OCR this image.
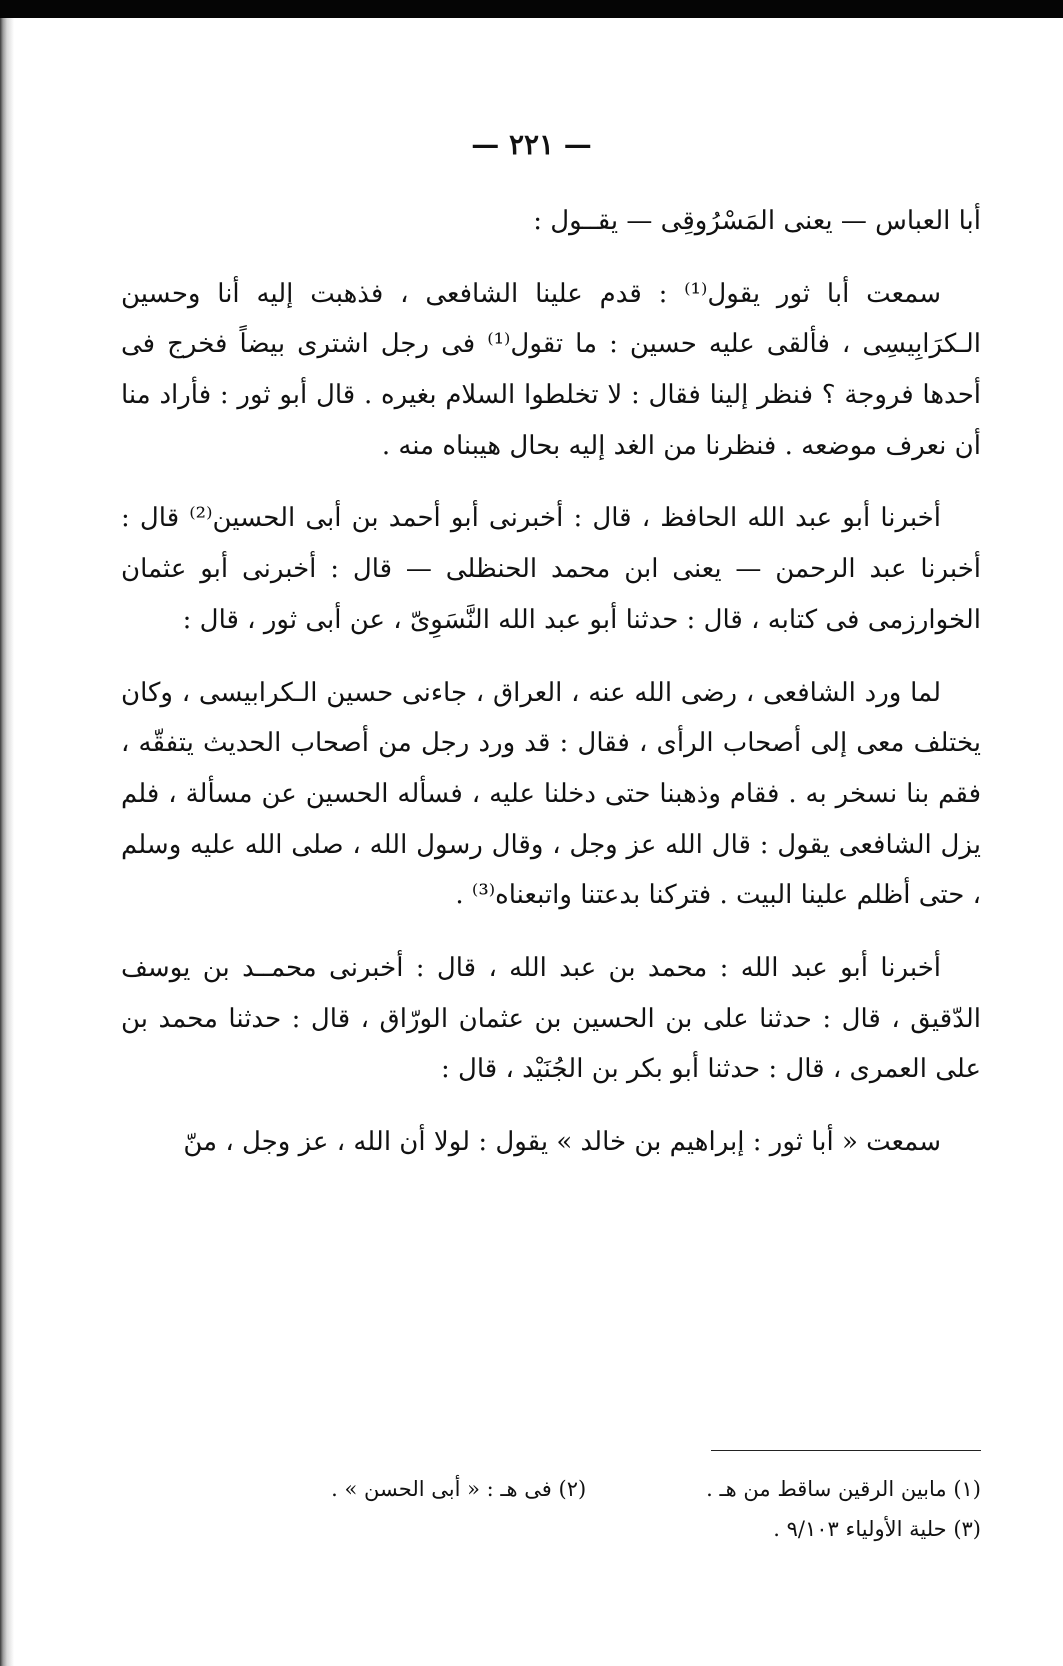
— ٢٢١ —

أبا العباس — يعنى المَسْرُوقِى — يقــول :

سمعت أبا ثور يقول⁽¹⁾ : قدم علينا الشافعى ، فذهبت إليه أنا وحسين الـكرَابِيسِى ، فألقى عليه حسين : ما تقول⁽¹⁾ فى رجل اشترى بيضاً فخرج فى أحدها فروجة ؟ فنظر إلينا فقال : لا تخلطوا السلام بغيره . قال أبو ثور : فأراد منا أن نعرف موضعه . فنظرنا من الغد إليه بحال هيبناه منه .

أخبرنا أبو عبد الله الحافظ ، قال : أخبرنى أبو أحمد بن أبى الحسين⁽²⁾ قال : أخبرنا عبد الرحمن — يعنى ابن محمد الحنظلى — قال : أخبرنى أبو عثمان الخوارزمى فى كتابه ، قال : حدثنا أبو عبد الله النَّسَوِىّ ، عن أبى ثور ، قال :

لما ورد الشافعى ، رضى الله عنه ، العراق ، جاءنى حسين الـكرابيسى ، وكان يختلف معى إلى أصحاب الرأى ، فقال : قد ورد رجل من أصحاب الحديث يتفقّه ، فقم بنا نسخر به . فقام وذهبنا حتى دخلنا عليه ، فسأله الحسين عن مسألة ، فلم يزل الشافعى يقول : قال الله عز وجل ، وقال رسول الله ، صلى الله عليه وسلم ، حتى أظلم علينا البيت . فتركنا بدعتنا واتبعناه⁽³⁾ .

أخبرنا أبو عبد الله : محمد بن عبد الله ، قال : أخبرنى محمــد بن يوسف الدّقيق ، قال : حدثنا على بن الحسين بن عثمان الورّاق ، قال : حدثنا محمد بن على العمرى ، قال : حدثنا أبو بكر بن الجُنَيْد ، قال :

سمعت « أبا ثور : إبراهيم بن خالد » يقول : لولا أن الله ، عز وجل ، منّ

(١) مابين الرقين ساقط من هـ .
(٢) فى هـ : « أبى الحسن » .
(٣) حلية الأولياء ٩/١٠٣ .
